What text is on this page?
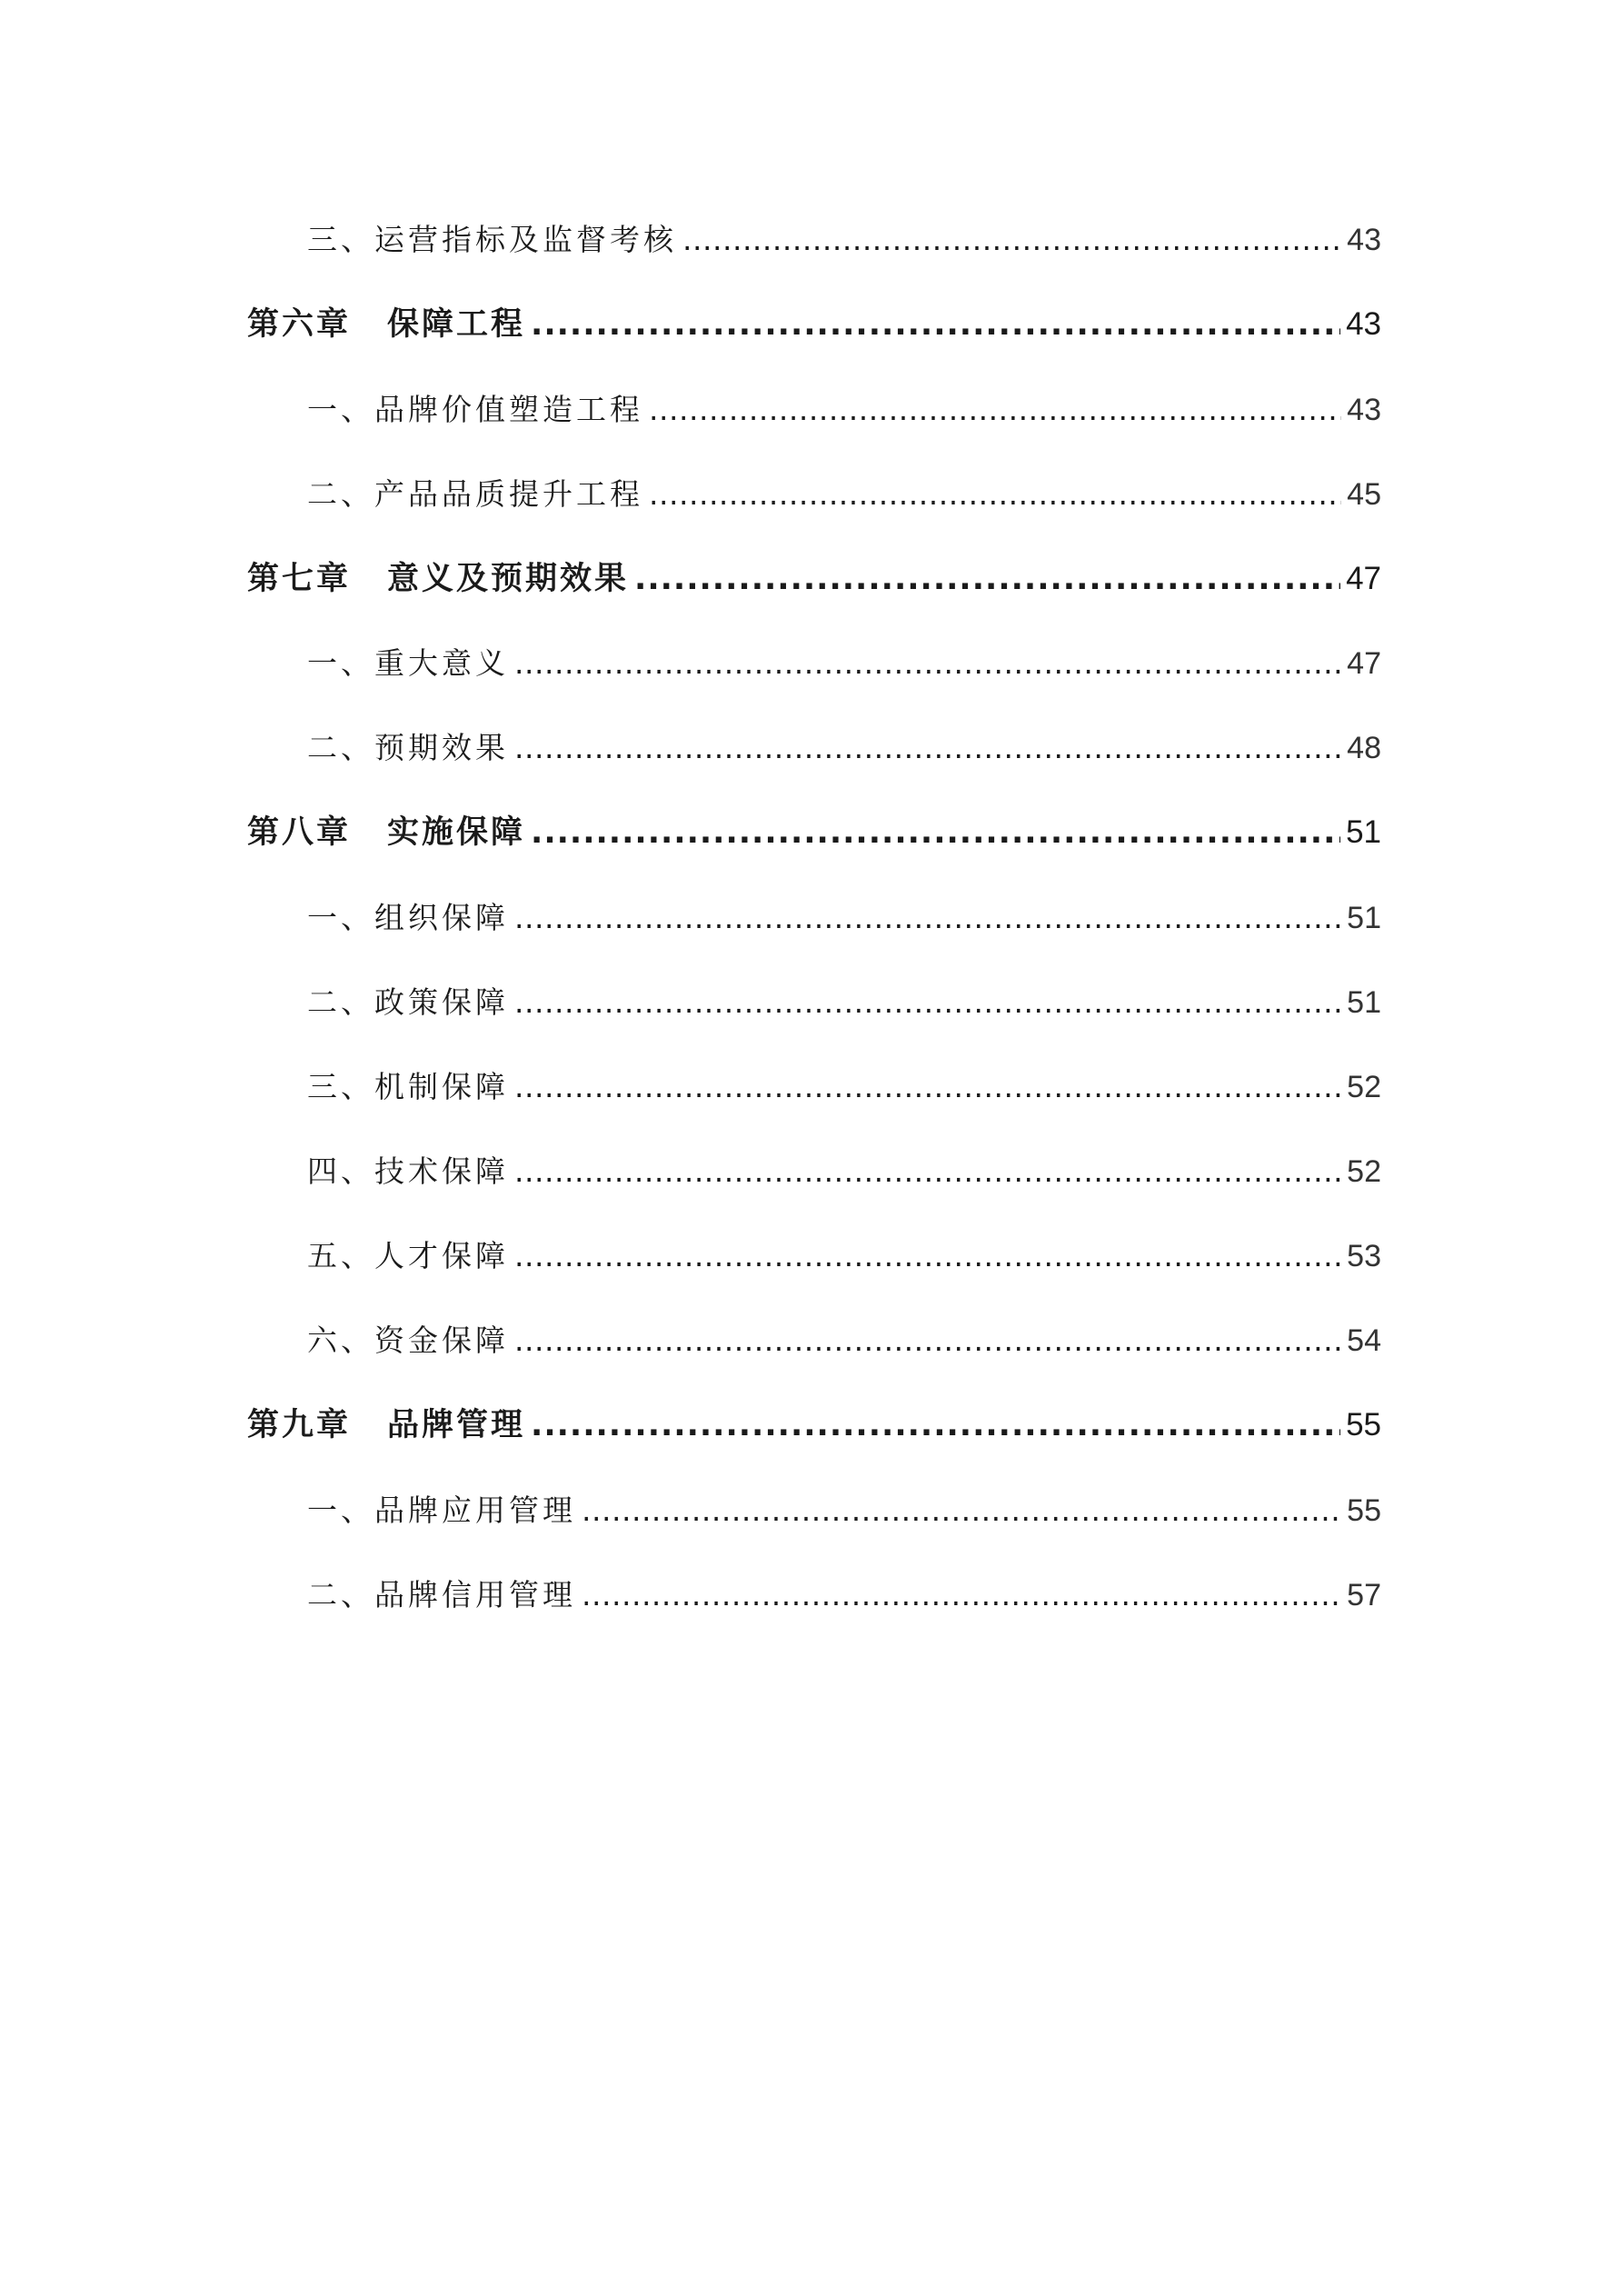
三、运营指标及监督考核 .....	43
第六章 保障工程 .....	43
一、品牌价值塑造工程 .....	43
二、产品品质提升工程 .....	45
第七章 意义及预期效果 .....	47
一、重大意义 .....	47
二、预期效果 .....	48
第八章 实施保障 .....	51
一、组织保障 .....	51
二、政策保障 .....	51
三、机制保障 .....	52
四、技术保障 .....	52
五、人才保障 .....	53
六、资金保障 .....	54
第九章 品牌管理 .....	55
一、品牌应用管理 .....	55
二、品牌信用管理 .....	57
